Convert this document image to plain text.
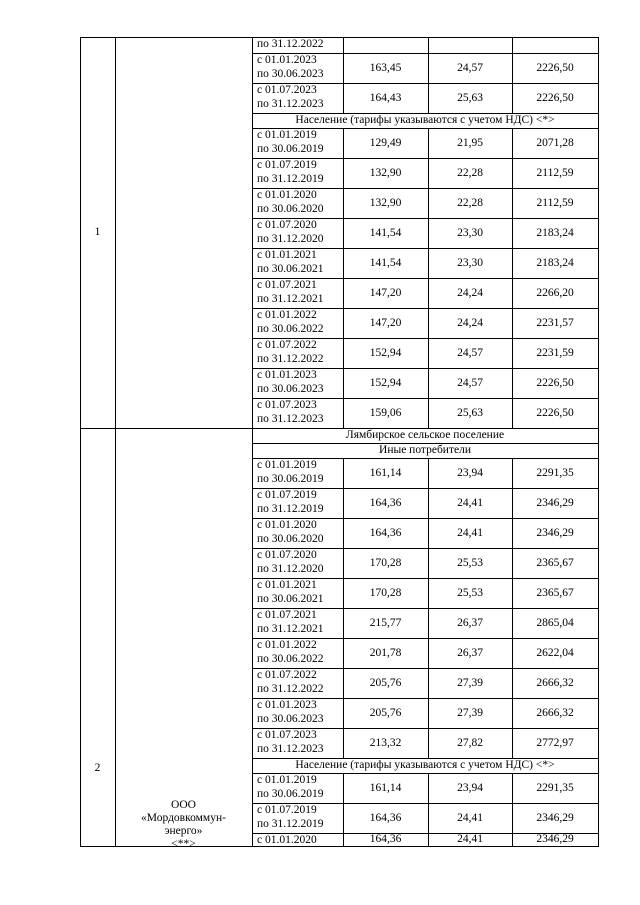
по 31.12.2022
с 01.01.2023
по 30.06.2023
163,45	24,57	2226,50
с 01.07.2023
по 31.12.2023
164,43	25,63	2226,50
Население (тарифы указываются с учетом НДС) <*>
с 01.01.2019
по 30.06.2019
129,49	21,95	2071,28
с 01.07.2019
по 31.12.2019
132,90	22,28	2112,59
с 01.01.2020
по 30.06.2020
132,90	22,28	2112,59
с 01.07.2020
по 31.12.2020
141,54	23,30	2183,24
с 01.01.2021
по 30.06.2021
141,54	23,30	2183,24
с 01.07.2021
по 31.12.2021
147,20	24,24	2266,20
с 01.01.2022
по 30.06.2022
147,20	24,24	2231,57
с 01.07.2022
по 31.12.2022
152,94	24,57	2231,59
с 01.01.2023
по 30.06.2023
152,94	24,57	2226,50
с 01.07.2023
по 31.12.2023
159,06	25,63	2226,50
1
Лямбирское сельское поселение
Иные потребители
с 01.01.2019
по 30.06.2019
161,14	23,94	2291,35
с 01.07.2019
по 31.12.2019
164,36	24,41	2346,29
с 01.01.2020
по 30.06.2020
164,36	24,41	2346,29
с 01.07.2020
по 31.12.2020
170,28	25,53	2365,67
с 01.01.2021
по 30.06.2021
170,28	25,53	2365,67
с 01.07.2021
по 31.12.2021
215,77	26,37	2865,04
с 01.01.2022
по 30.06.2022
201,78	26,37	2622,04
с 01.07.2022
по 31.12.2022
205,76	27,39	2666,32
с 01.01.2023
по 30.06.2023
205,76	27,39	2666,32
с 01.07.2023
по 31.12.2023
213,32	27,82	2772,97
Население (тарифы указываются с учетом НДС) <*>
с 01.01.2019
по 30.06.2019
161,14	23,94	2291,35
с 01.07.2019
по 31.12.2019
164,36	24,41	2346,29
с 01.01.2020	164,36	24,41	2346,29
2
ООО
«Мордовкоммун-
энерго»
<**>
